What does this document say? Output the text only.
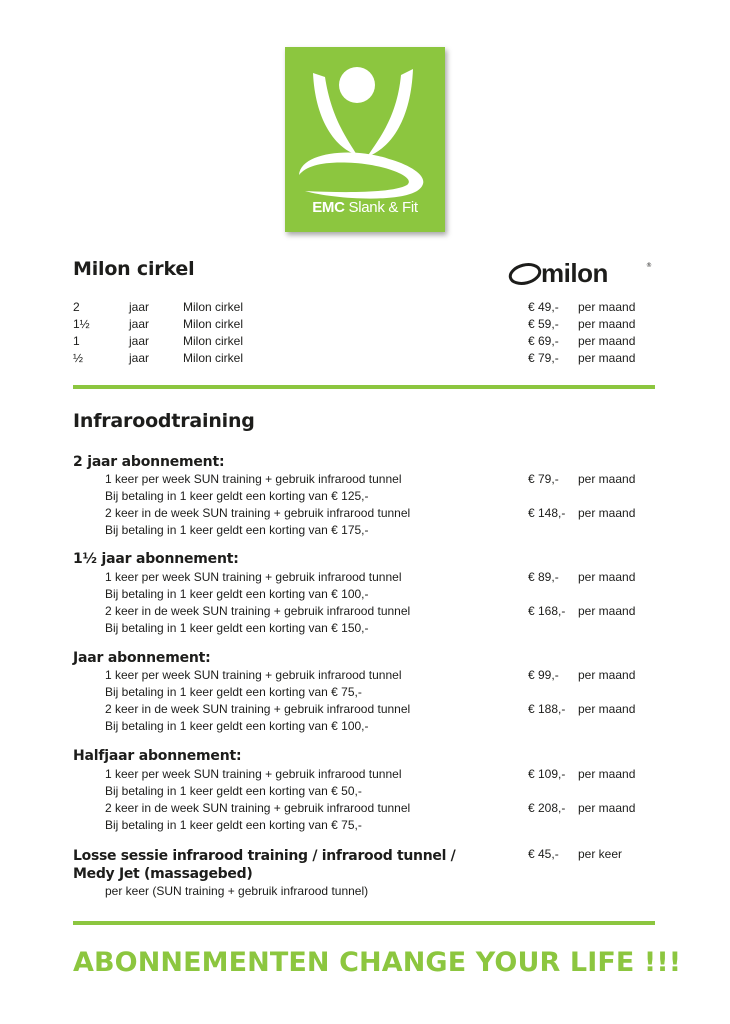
EMC Slank & Fit
Milon cirkel	milon	®
2	jaar	Milon cirkel	€ 49,- per maand
1½	jaar	Milon cirkel	€ 59,- per maand
1	jaar	Milon cirkel	€ 69,- per maand
½	jaar	Milon cirkel	€ 79,- per maand
Infraroodtraining
2 jaar abonnement:
1 keer per week SUN training + gebruik infrarood tunnel	€ 79,- per maand
Bij betaling in 1 keer geldt een korting van € 125,-
2 keer in de week SUN training + gebruik infrarood tunnel	€ 148,- per maand
Bij betaling in 1 keer geldt een korting van € 175,-
1½ jaar abonnement:
1 keer per week SUN training + gebruik infrarood tunnel	€ 89,- per maand
Bij betaling in 1 keer geldt een korting van € 100,-
2 keer in de week SUN training + gebruik infrarood tunnel	€ 168,- per maand
Bij betaling in 1 keer geldt een korting van € 150,-
Jaar abonnement:
1 keer per week SUN training + gebruik infrarood tunnel	€ 99,- per maand
Bij betaling in 1 keer geldt een korting van € 75,-
2 keer in de week SUN training + gebruik infrarood tunnel	€ 188,- per maand
Bij betaling in 1 keer geldt een korting van € 100,-
Halfjaar abonnement:
1 keer per week SUN training + gebruik infrarood tunnel	€ 109,- per maand
Bij betaling in 1 keer geldt een korting van € 50,-
2 keer in de week SUN training + gebruik infrarood tunnel	€ 208,- per maand
Bij betaling in 1 keer geldt een korting van € 75,-
Losse sessie infrarood training / infrarood tunnel / Medy Jet (massagebed)
€ 45,- per keer
per keer (SUN training + gebruik infrarood tunnel)
ABONNEMENTEN CHANGE YOUR LIFE !!!
